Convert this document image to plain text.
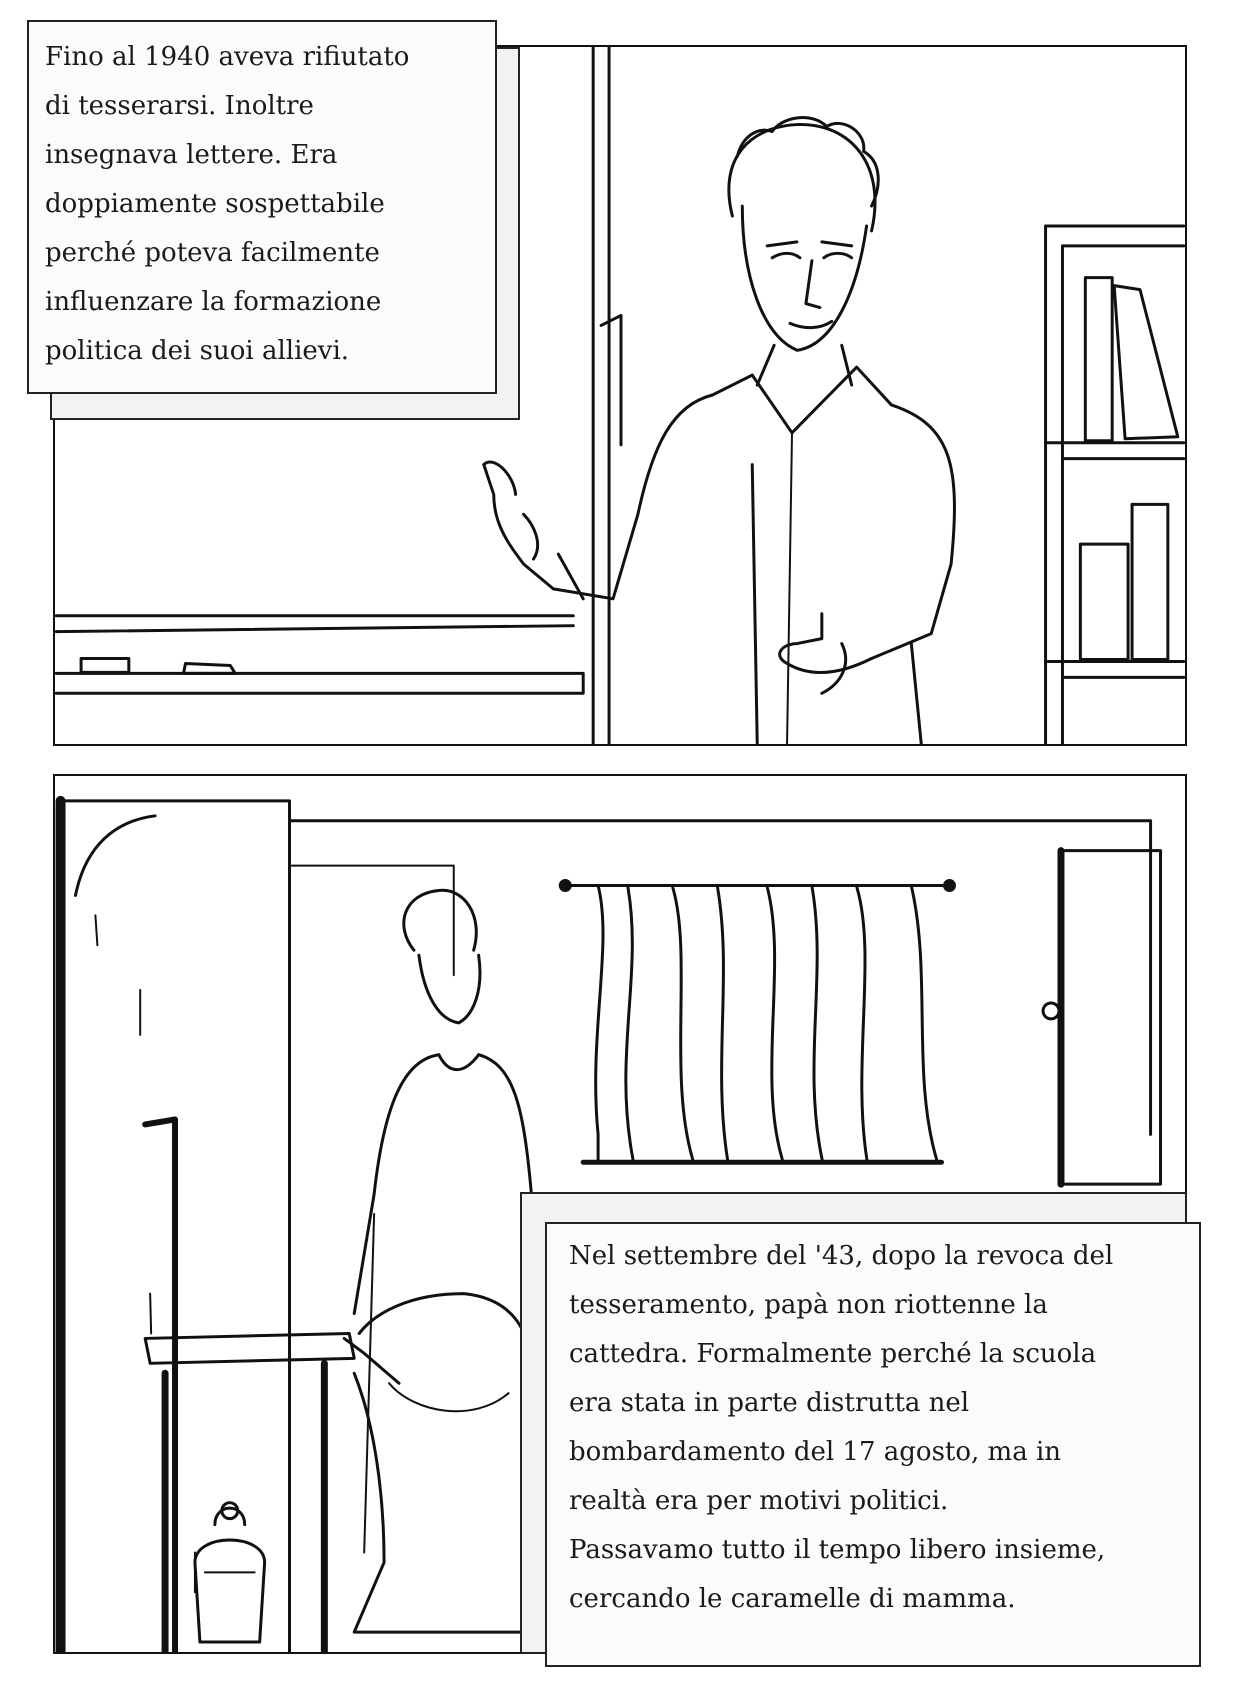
Fino al 1940 aveva rifiutato
di tesserarsi. Inoltre
insegnava lettere. Era
doppiamente sospettabile
perché poteva facilmente
influenzare la formazione
politica dei suoi allievi.

Nel settembre del '43, dopo la revoca del
tesseramento, papà non riottenne la
cattedra. Formalmente perché la scuola
era stata in parte distrutta nel
bombardamento del 17 agosto, ma in
realtà era per motivi politici.
Passavamo tutto il tempo libero insieme,
cercando le caramelle di mamma.
